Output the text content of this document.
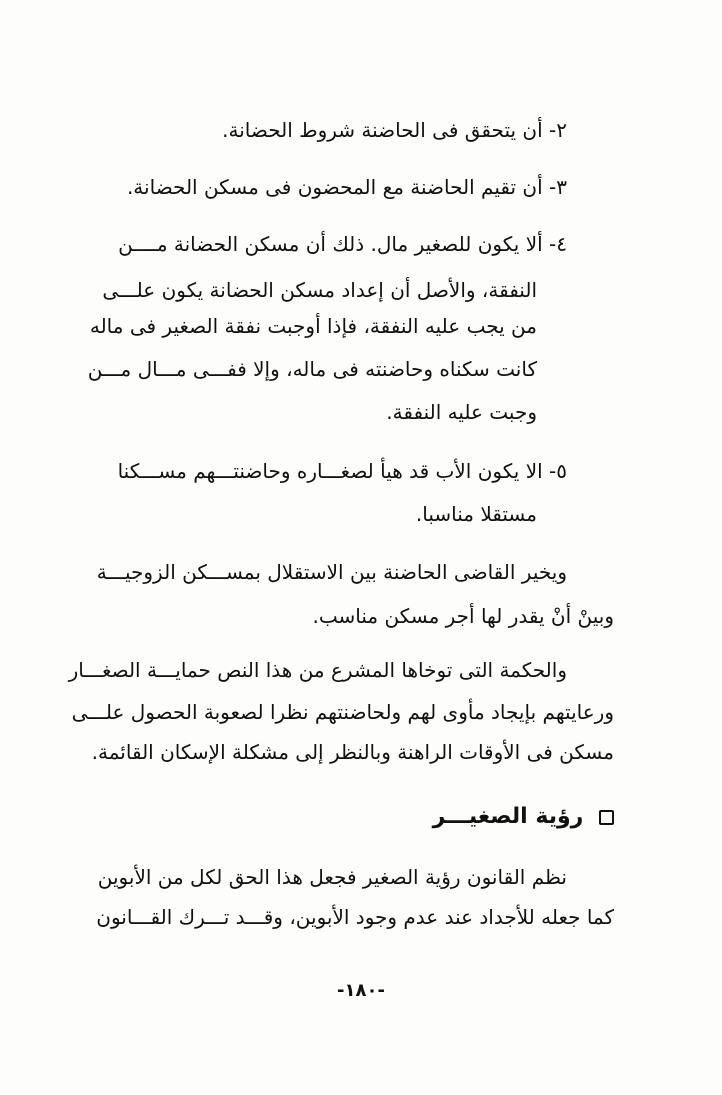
٢- أن يتحقق فى الحاضنة شروط الحضانة.
٣- أن تقيم الحاضنة مع المحضون فى مسكن الحضانة.
٤- ألا يكون للصغير مال. ذلك أن مسكن الحضانة مــــن
النفقة، والأصل أن إعداد مسكن الحضانة يكون علـــى
من يجب عليه النفقة، فإذا أوجبت نفقة الصغير فى ماله
كانت سكناه وحاضنته فى ماله، وإلا ففـــى مـــال مـــن
وجبت عليه النفقة.
٥- الا يكون الأب قد هيأ لصغـــاره وحاضنتـــهم مســـكنا
مستقلا مناسبا.
ويخير القاضى الحاضنة بين الاستقلال بمســـكن الزوجيـــة
وبينْ أنْ يقدر لها أجر مسكن مناسب.
والحكمة التى توخاها المشرع من هذا النص حمايـــة الصغـــار
ورعايتهم بإيجاد مأوى لهم ولحاضنتهم نظرا لصعوبة الحصول علـــى
مسكن فى الأوقات الراهنة وبالنظر إلى مشكلة الإسكان القائمة.
رؤية الصغيـــر
نظم القانون رؤية الصغير فجعل هذا الحق لكل من الأبوين
كما جعله للأجداد عند عدم وجود الأبوين، وقـــد تـــرك القـــانون
-١٨٠-
